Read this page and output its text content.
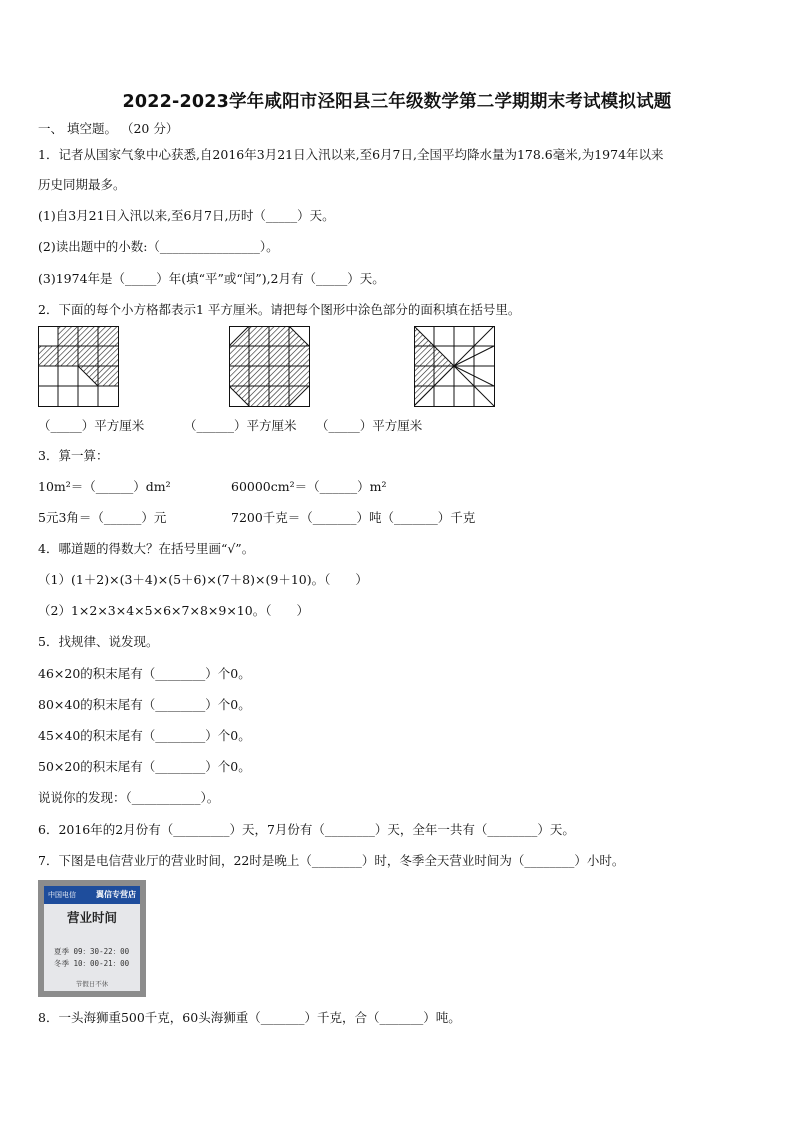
2022-2023学年咸阳市泾阳县三年级数学第二学期期末考试模拟试题
一、 填空题。 （20 分）
1．记者从国家气象中心获悉,自2016年3月21日入汛以来,至6月7日,全国平均降水量为178.6毫米,为1974年以来
历史同期最多。
(1)自3月21日入汛以来,至6月7日,历时（_____）天。
(2)读出题中的小数:（________________）。
(3)1974年是（_____）年(填“平”或“闰”),2月有（_____）天。
2．下面的每个小方格都表示1 平方厘米。请把每个图形中涂色部分的面积填在括号里。
（_____）平方厘米	（______）平方厘米 （_____）平方厘米
3．算一算：
10m²＝（______）dm²	60000cm²＝（______）m²
5元3角＝（______）元	7200千克＝（_______）吨（_______）千克
4．哪道题的得数大？在括号里画“√”。
（1）(1＋2)×(3＋4)×(5＋6)×(7＋8)×(9＋10)。（　　）
（2）1×2×3×4×5×6×7×8×9×10。（　　）
5．找规律、说发现。
46×20的积末尾有（________）个0。
80×40的积末尾有（________）个0。
45×40的积末尾有（________）个0。
50×20的积末尾有（________）个0。
说说你的发现：（___________）。
6．2016年的2月份有（_________）天，7月份有（________）天，全年一共有（________）天。
7．下图是电信营业厅的营业时间，22时是晚上（________）时，冬季全天营业时间为（________）小时。
中国电信	翼信专营店
营业时间
夏季 09：30-22：00
冬季 10：00-21：00
节假日不休
8．一头海狮重500千克，60头海狮重（_______）千克，合（_______）吨。
